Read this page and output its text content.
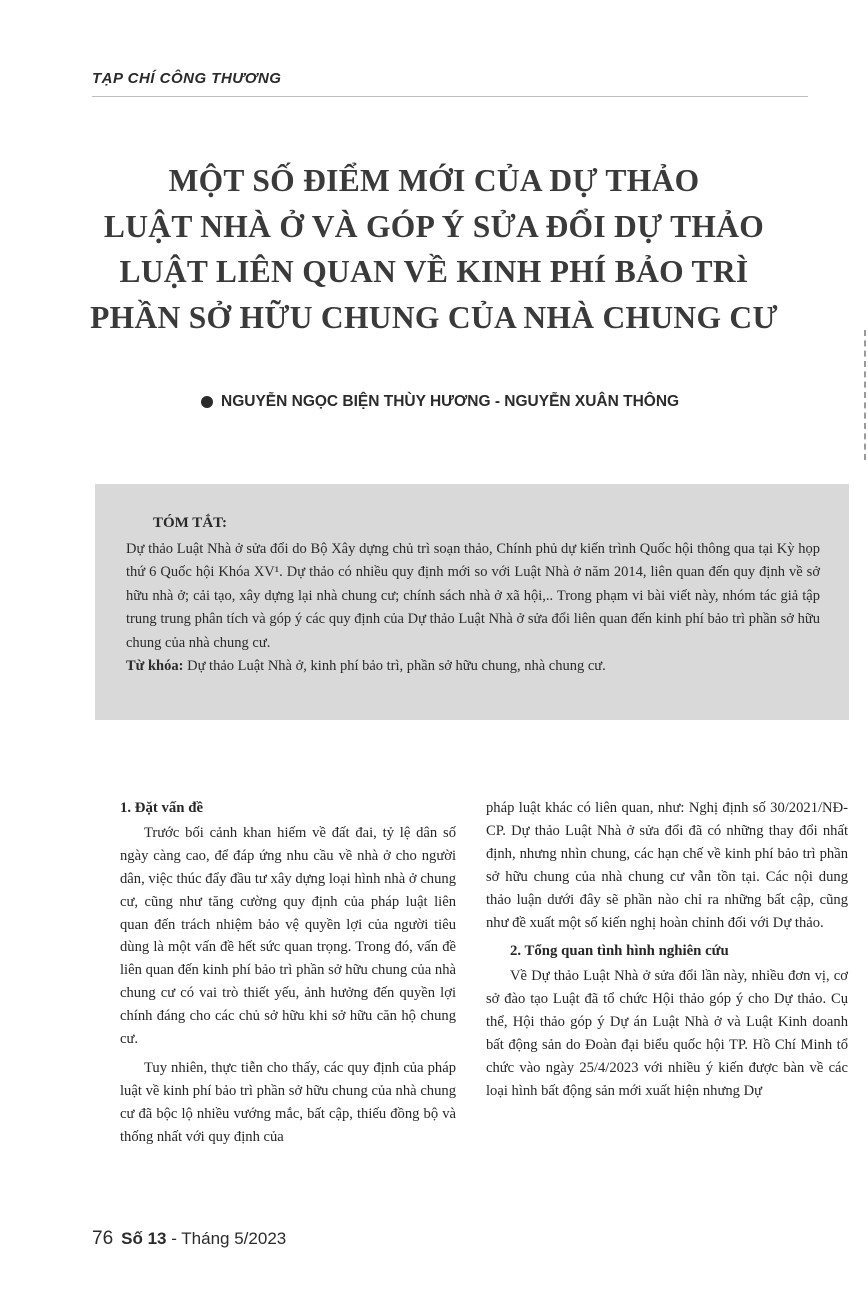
TẠP CHÍ CÔNG THƯƠNG
MỘT SỐ ĐIỂM MỚI CỦA DỰ THẢO
LUẬT NHÀ Ở VÀ GÓP Ý SỬA ĐỔI DỰ THẢO
LUẬT LIÊN QUAN VỀ KINH PHÍ BẢO TRÌ
PHẦN SỞ HỮU CHUNG CỦA NHÀ CHUNG CƯ
NGUYỄN NGỌC BIỆN THÙY HƯƠNG - NGUYỄN XUÂN THÔNG
TÓM TẮT:

Dự thảo Luật Nhà ở sửa đổi do Bộ Xây dựng chủ trì soạn thảo, Chính phủ dự kiến trình Quốc hội thông qua tại Kỳ họp thứ 6 Quốc hội Khóa XV¹. Dự thảo có nhiều quy định mới so với Luật Nhà ở năm 2014, liên quan đến quy định về sở hữu nhà ở; cải tạo, xây dựng lại nhà chung cư; chính sách nhà ở xã hội,.. Trong phạm vi bài viết này, nhóm tác giả tập trung trung phân tích và góp ý các quy định của Dự thảo Luật Nhà ở sửa đổi liên quan đến kinh phí bảo trì phần sở hữu chung của nhà chung cư.

Từ khóa: Dự thảo Luật Nhà ở, kinh phí bảo trì, phần sở hữu chung, nhà chung cư.

1. Đặt vấn đề

Trước bối cảnh khan hiếm về đất đai, tỷ lệ dân số ngày càng cao, để đáp ứng nhu cầu về nhà ở cho người dân, việc thúc đẩy đầu tư xây dựng loại hình nhà ở chung cư, cũng như tăng cường quy định của pháp luật liên quan đến trách nhiệm bảo vệ quyền lợi của người tiêu dùng là một vấn đề hết sức quan trọng. Trong đó, vấn đề liên quan đến kinh phí bảo trì phần sở hữu chung của nhà chung cư có vai trò thiết yếu, ảnh hưởng đến quyền lợi chính đáng cho các chủ sở hữu khi sở hữu căn hộ chung cư.

Tuy nhiên, thực tiễn cho thấy, các quy định của pháp luật về kinh phí bảo trì phần sở hữu chung của nhà chung cư đã bộc lộ nhiều vướng mắc, bất cập, thiếu đồng bộ và thống nhất với quy định của

pháp luật khác có liên quan, như: Nghị định số 30/2021/NĐ-CP. Dự thảo Luật Nhà ở sửa đổi đã có những thay đổi nhất định, nhưng nhìn chung, các hạn chế về kinh phí bảo trì phần sở hữu chung của nhà chung cư vẫn tồn tại. Các nội dung thảo luận dưới đây sẽ phần nào chỉ ra những bất cập, cũng như đề xuất một số kiến nghị hoàn chỉnh đối với Dự thảo.

2. Tổng quan tình hình nghiên cứu

Về Dự thảo Luật Nhà ở sửa đổi lần này, nhiều đơn vị, cơ sở đào tạo Luật đã tổ chức Hội thảo góp ý cho Dự thảo. Cụ thể, Hội thảo góp ý Dự án Luật Nhà ở và Luật Kinh doanh bất động sản do Đoàn đại biểu quốc hội TP. Hồ Chí Minh tổ chức vào ngày 25/4/2023 với nhiều ý kiến được bàn về các loại hình bất động sản mới xuất hiện nhưng Dự

76 Số 13 - Tháng 5/2023
